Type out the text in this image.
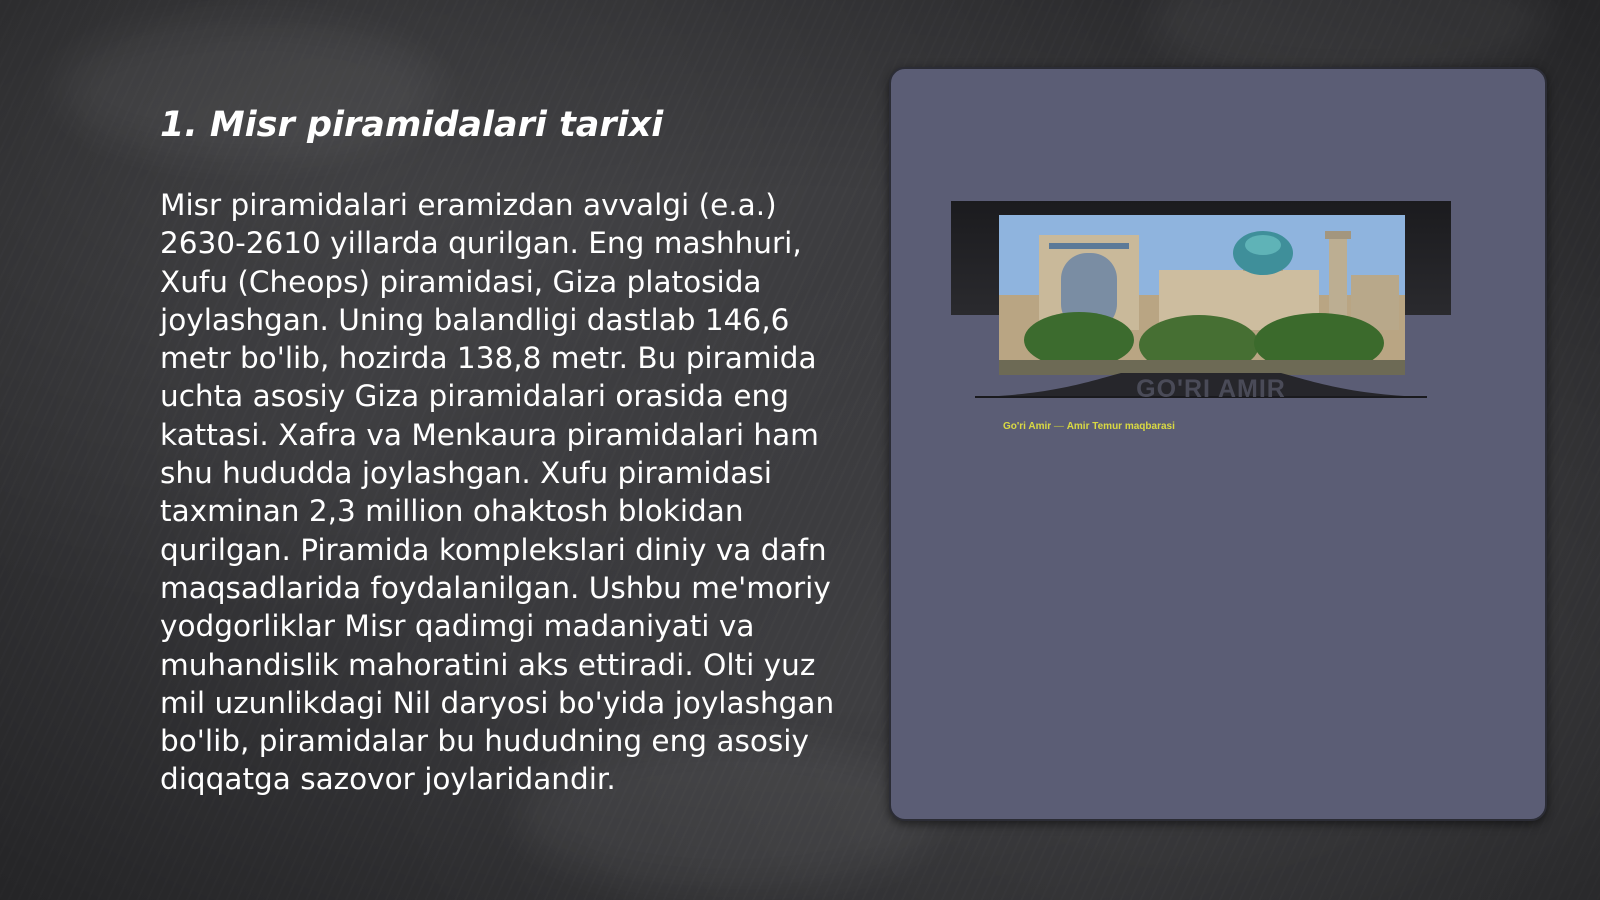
1. Misr piramidalari tarixi

Misr piramidalari eramizdan avvalgi (e.a.) 2630-2610 yillarda qurilgan. Eng mashhuri, Xufu (Cheops) piramidasi, Giza platosida joylashgan. Uning balandligi dastlab 146,6 metr bo'lib, hozirda 138,8 metr. Bu piramida uchta asosiy Giza piramidalari orasida eng kattasi. Xafra va Menkaura piramidalari ham shu hududda joylashgan. Xufu piramidasi taxminan 2,3 million ohaktosh blokidan qurilgan. Piramida komplekslari diniy va dafn maqsadlarida foydalanilgan. Ushbu me'moriy yodgorliklar Misr qadimgi madaniyati va muhandislik mahoratini aks ettiradi. Olti yuz mil uzunlikdagi Nil daryosi bo'yida joylashgan bo'lib, piramidalar bu hududning eng asosiy diqqatga sazovor joylaridandir.

GO'RI AMIR
Go'ri Amir — Amir Temur maqbarasi
